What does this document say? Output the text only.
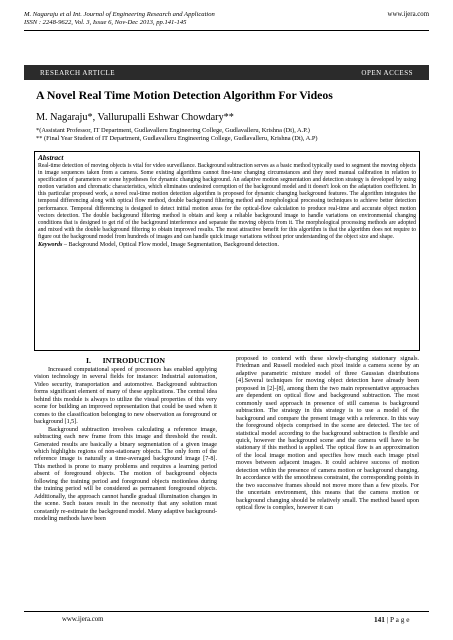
M. Nagaraju et al Int. Journal of Engineering Research and Application
ISSN : 2248-9622, Vol. 3, Issue 6, Nov-Dec 2013, pp.141-145
www.ijera.com
RESEARCH ARTICLE	OPEN ACCESS
A Novel Real Time Motion Detection Algorithm For Videos
M. Nagaraju*, Vallurupalli Eshwar Chowdary**
*(Assistant Professor, IT Department, Gudlavalleru Engineering College, Gudlavalleru, Krishna (Dt), A.P.)
** (Final Year Student of IT Department, Gudlavalleru Engineering College, Gudlavalleru, Krishna (Dt), A.P)
Abstract

Real-time detection of moving objects is vital for video surveillance. Background subtraction serves as a basic method typically used to segment the moving objects in image sequences taken from a camera. Some existing algorithms cannot fine-tune changing circumstances and they need manual calibration in relation to specification of parameters or some hypotheses for dynamic changing background. An adaptive motion segmentation and detection strategy is developed by using motion variation and chromatic characteristics, which eliminates undesired corruption of the background model and it doesn't look on the adaptation coefficient. In this particular proposed work, a novel real-time motion detection algorithm is proposed for dynamic changing background features. The algorithm integrates the temporal differencing along with optical flow method, double background filtering method and morphological processing techniques to achieve better detection performance. Temporal differencing is designed to detect initial motion areas for the optical-flow calculation to produce real-time and accurate object motion vectors detection. The double background filtering method is obtain and keep a reliable background image to handle variations on environmental changing conditions that is designed to get rid of the background interference and separate the moving objects from it. The morphological processing methods are adopted and mixed with the double background filtering to obtain improved results. The most attractive benefit for this algorithm is that the algorithm does not require to figure out the background model from hundreds of images and can handle quick image variations without prior understanding of the object size and shape.

Keywords – Background Model, Optical Flow model, Image Segmentation, Background detection.
I.      INTRODUCTION

Increased computational speed of processors has enabled applying vision technology in several fields for instance: Industrial automation, Video security, transportation and automotive. Background subtraction forms significant element of many of these applications. The central idea behind this module is always to utilize the visual properties of this very scene for building an improved representation that could be used when it comes to the classification belonging to new observation as foreground or background [1,5].

Background subtraction involves calculating a reference image, subtracting each new frame from this image and threshold the result. Generated results are basically a binary segmentation of a given image which highlights regions of non-stationary objects. The only form of the reference image is naturally a time-averaged background image [7-8]. This method is prone to many problems and requires a learning period absent of foreground objects. The motion of background objects following the training period and foreground objects motionless during the training period will be considered as permanent foreground objects. Additionally, the approach cannot handle gradual illumination changes in the scene. Such issues result in the necessity that any solution must constantly re-estimate the background model. Many adaptive background-modeling methods have been

proposed to contend with these slowly-changing stationary signals. Friedman and Russell modeled each pixel inside a camera scene by an adaptive parametric mixture model of three Gaussian distributions [4].Several techniques for moving object detection have already been proposed in [2]-[8], among them the two main representative approaches are dependent on optical flow and background subtraction. The most commonly used approach in presence of still cameras is background subtraction. The strategy in this strategy is to use a model of the background and compare the present image with a reference. In this way the foreground objects comprised in the scene are detected. The tec of statistical model according to the background subtraction is flexible and quick, however the background scene and the camera will have to be stationary if this method is applied. The optical flow is an approximation of the local image motion and specifies how much each image pixel moves between adjacent images. It could achieve success of motion detection within the presence of camera motion or background changing. In accordance with the smoothness constraint, the corresponding points in the two successive frames should not move more than a few pixels. For the uncertain environment, this means that the camera motion or background changing should be relatively small. The method based upon optical flow is complex, however it can

www.ijera.com	141 | P a g e
